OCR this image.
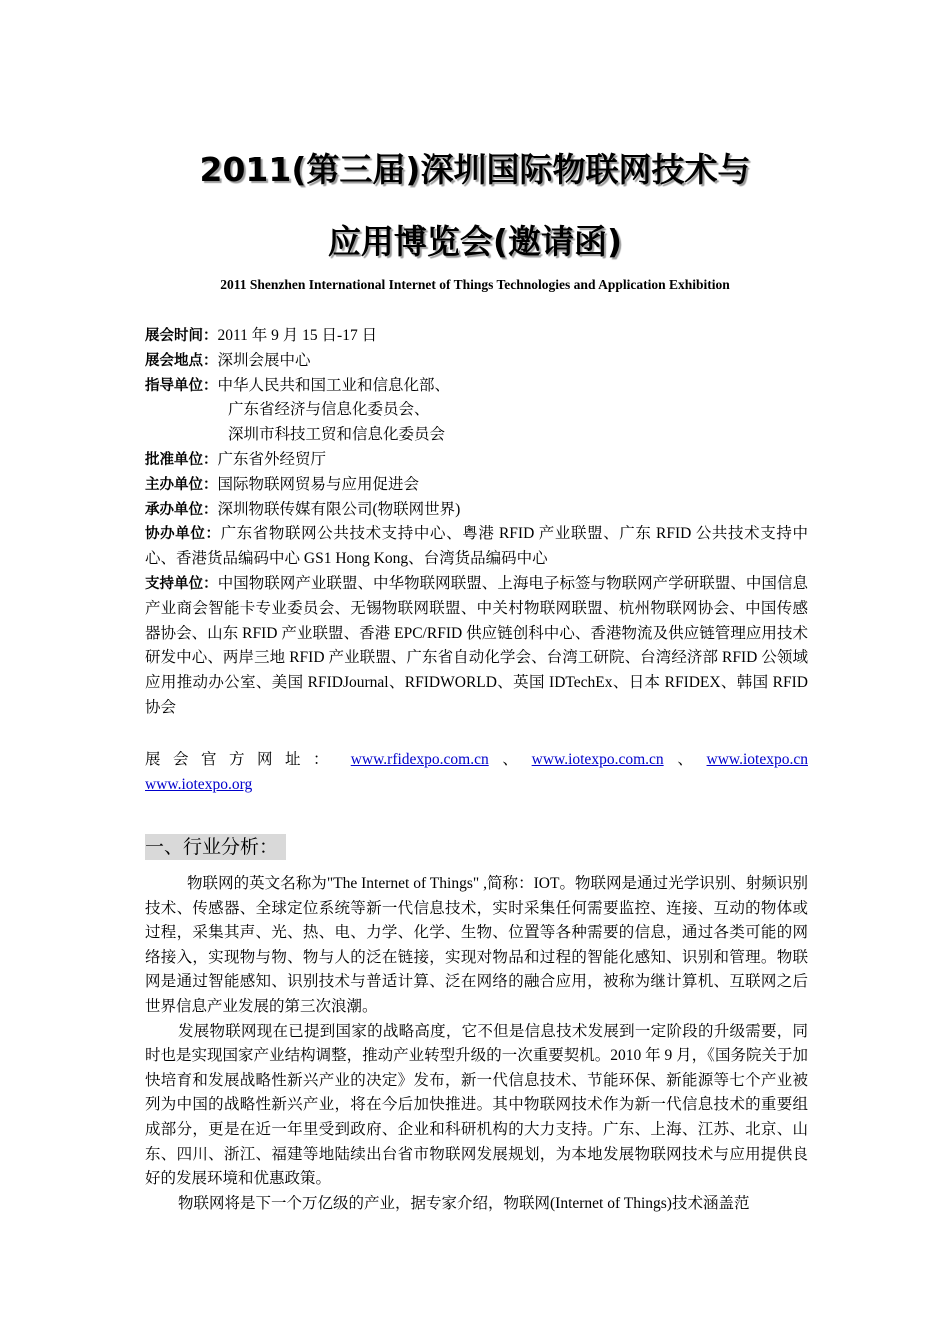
2011(第三届)深圳国际物联网技术与
应用博览会(邀请函)
2011 Shenzhen International Internet of Things Technologies and Application Exhibition

展会时间：2011 年 9 月 15 日-17 日

展会地点：深圳会展中心

指导单位：中华人民共和国工业和信息化部、

广东省经济与信息化委员会、

深圳市科技工贸和信息化委员会

批准单位：广东省外经贸厅

主办单位：国际物联网贸易与应用促进会

承办单位：深圳物联传媒有限公司(物联网世界)

协办单位：广东省物联网公共技术支持中心、粤港 RFID 产业联盟、广东 RFID 公共技术支持中心、香港货品编码中心 GS1 Hong Kong、台湾货品编码中心

支持单位：中国物联网产业联盟、中华物联网联盟、上海电子标签与物联网产学研联盟、中国信息产业商会智能卡专业委员会、无锡物联网联盟、中关村物联网联盟、杭州物联网协会、中国传感器协会、山东 RFID 产业联盟、香港 EPC/RFID 供应链创科中心、香港物流及供应链管理应用技术研发中心、两岸三地 RFID 产业联盟、广东省自动化学会、台湾工研院、台湾经济部 RFID 公领域应用推动办公室、美国 RFIDJournal、RFIDWORLD、英国 IDTechEx、日本 RFIDEX、韩国 RFID 协会

展会官方网址： www.rfidexpo.com.cn 、 www.iotexpo.com.cn 、 www.iotexpo.cn
www.iotexpo.org
一、行业分析：

物联网的英文名称为"The Internet of Things" ,简称：IOT。物联网是通过光学识别、射频识别技术、传感器、全球定位系统等新一代信息技术，实时采集任何需要监控、连接、互动的物体或过程，采集其声、光、热、电、力学、化学、生物、位置等各种需要的信息，通过各类可能的网络接入，实现物与物、物与人的泛在链接，实现对物品和过程的智能化感知、识别和管理。物联网是通过智能感知、识别技术与普适计算、泛在网络的融合应用，被称为继计算机、互联网之后世界信息产业发展的第三次浪潮。

发展物联网现在已提到国家的战略高度，它不但是信息技术发展到一定阶段的升级需要，同时也是实现国家产业结构调整，推动产业转型升级的一次重要契机。2010 年 9 月，《国务院关于加快培育和发展战略性新兴产业的决定》发布，新一代信息技术、节能环保、新能源等七个产业被列为中国的战略性新兴产业，将在今后加快推进。其中物联网技术作为新一代信息技术的重要组成部分，更是在近一年里受到政府、企业和科研机构的大力支持。广东、上海、江苏、北京、山东、四川、浙江、福建等地陆续出台省市物联网发展规划，为本地发展物联网技术与应用提供良好的发展环境和优惠政策。

物联网将是下一个万亿级的产业，据专家介绍，物联网(Internet of Things)技术涵盖范
